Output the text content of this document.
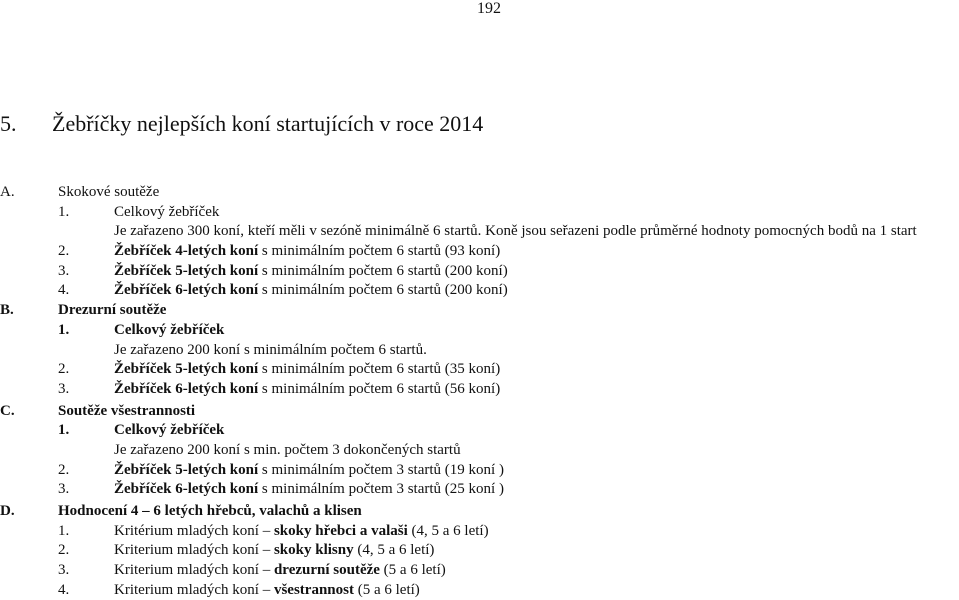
192
5. Žebříčky nejlepších koní startujících v roce 2014
A.	Skokové soutěže
1.	Celkový žebříček
Je zařazeno 300 koní, kteří měli v sezóně minimálně 6 startů. Koně jsou seřazeni podle průměrné hodnoty pomocných bodů na 1 start
2.	Žebříček 4-letých koní s minimálním počtem 6 startů (93 koní)
3.	Žebříček 5-letých koní s minimálním počtem 6 startů (200 koní)
4.	Žebříček 6-letých koní s minimálním počtem 6 startů (200 koní)
B.	Drezurní soutěže
1.	Celkový žebříček
Je zařazeno 200 koní s minimálním počtem 6 startů.
2.	Žebříček 5-letých koní s minimálním počtem 6 startů (35 koní)
3.	Žebříček 6-letých koní s minimálním počtem 6 startů (56 koní)
C.	Soutěže všestrannosti
1.	Celkový žebříček
Je zařazeno 200 koní s min. počtem 3 dokončených startů
2.	Žebříček 5-letých koní s minimálním počtem 3 startů (19 koní )
3.	Žebříček 6-letých koní s minimálním počtem 3 startů (25 koní )
D.	Hodnocení 4 – 6 letých hřebců, valachů a klisen
1.	Kritérium mladých koní – skoky hřebci a valaši (4, 5 a 6 letí)
2.	Kriterium mladých koní – skoky klisny (4, 5 a 6 letí)
3.	Kriterium mladých koní – drezurní soutěže (5 a 6 letí)
4.	Kriterium mladých koní – všestrannost (5 a 6 letí)
